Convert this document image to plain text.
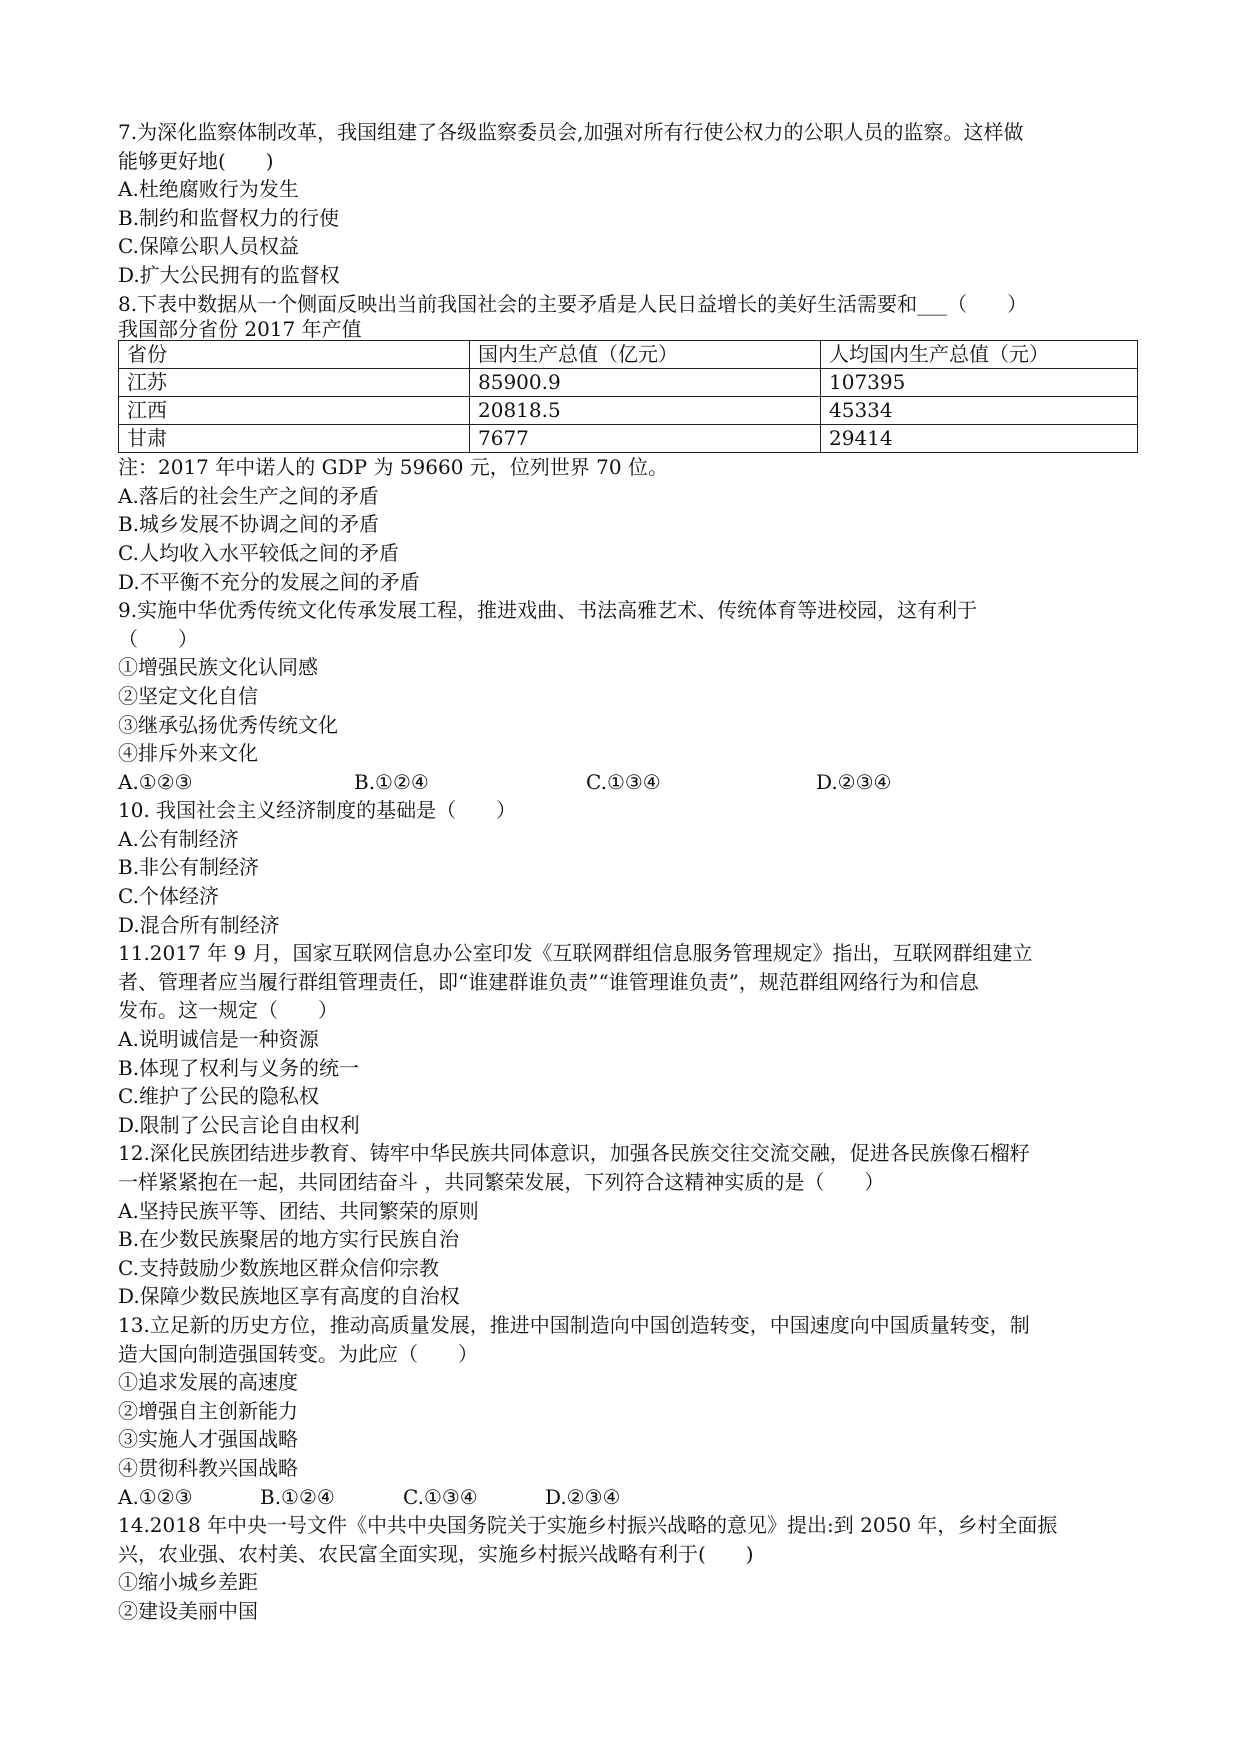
7.为深化监察体制改革，我国组建了各级监察委员会,加强对所有行使公权力的公职人员的监察。这样做
能够更好地(　　)
A.杜绝腐败行为发生
B.制约和监督权力的行使
C.保障公职人员权益
D.扩大公民拥有的监督权
8.下表中数据从一个侧面反映出当前我国社会的主要矛盾是人民日益增长的美好生活需要和___（　　）
我国部分省份 2017 年产值
省份	国内生产总值（亿元）	人均国内生产总值（元）
江苏	85900.9	107395
江西	20818.5	45334
甘肃	7677	29414
注：2017 年中诺人的 GDP 为 59660 元，位列世界 70 位。
A.落后的社会生产之间的矛盾
B.城乡发展不协调之间的矛盾
C.人均收入水平较低之间的矛盾
D.不平衡不充分的发展之间的矛盾
9.实施中华优秀传统文化传承发展工程，推进戏曲、书法高雅艺术、传统体育等进校园，这有利于
（　　）
①增强民族文化认同感
②坚定文化自信
③继承弘扬优秀传统文化
④排斥外来文化
A.①②③	B.①②④	C.①③④	D.②③④
10. 我国社会主义经济制度的基础是（　　）
A.公有制经济
B.非公有制经济
C.个体经济
D.混合所有制经济
11.2017 年 9 月，国家互联网信息办公室印发《互联网群组信息服务管理规定》指出，互联网群组建立
者、管理者应当履行群组管理责任，即“谁建群谁负责”“谁管理谁负责”，规范群组网络行为和信息
发布。这一规定（　　）
A.说明诚信是一种资源
B.体现了权利与义务的统一
C.维护了公民的隐私权
D.限制了公民言论自由权利
12.深化民族团结进步教育、铸牢中华民族共同体意识，加强各民族交往交流交融，促进各民族像石榴籽
一样紧紧抱在一起，共同团结奋斗 ，共同繁荣发展，下列符合这精神实质的是（　　）
A.坚持民族平等、团结、共同繁荣的原则
B.在少数民族聚居的地方实行民族自治
C.支持鼓励少数族地区群众信仰宗教
D.保障少数民族地区享有高度的自治权
13.立足新的历史方位，推动高质量发展，推进中国制造向中国创造转变，中国速度向中国质量转变，制
造大国向制造强国转变。为此应（　　）
①追求发展的高速度
②增强自主创新能力
③实施人才强国战略
④贯彻科教兴国战略
A.①②③	B.①②④	C.①③④	D.②③④
14.2018 年中央一号文件《中共中央国务院关于实施乡村振兴战略的意见》提出:到 2050 年，乡村全面振
兴，农业强、农村美、农民富全面实现，实施乡村振兴战略有利于(　　)
①缩小城乡差距
②建设美丽中国
